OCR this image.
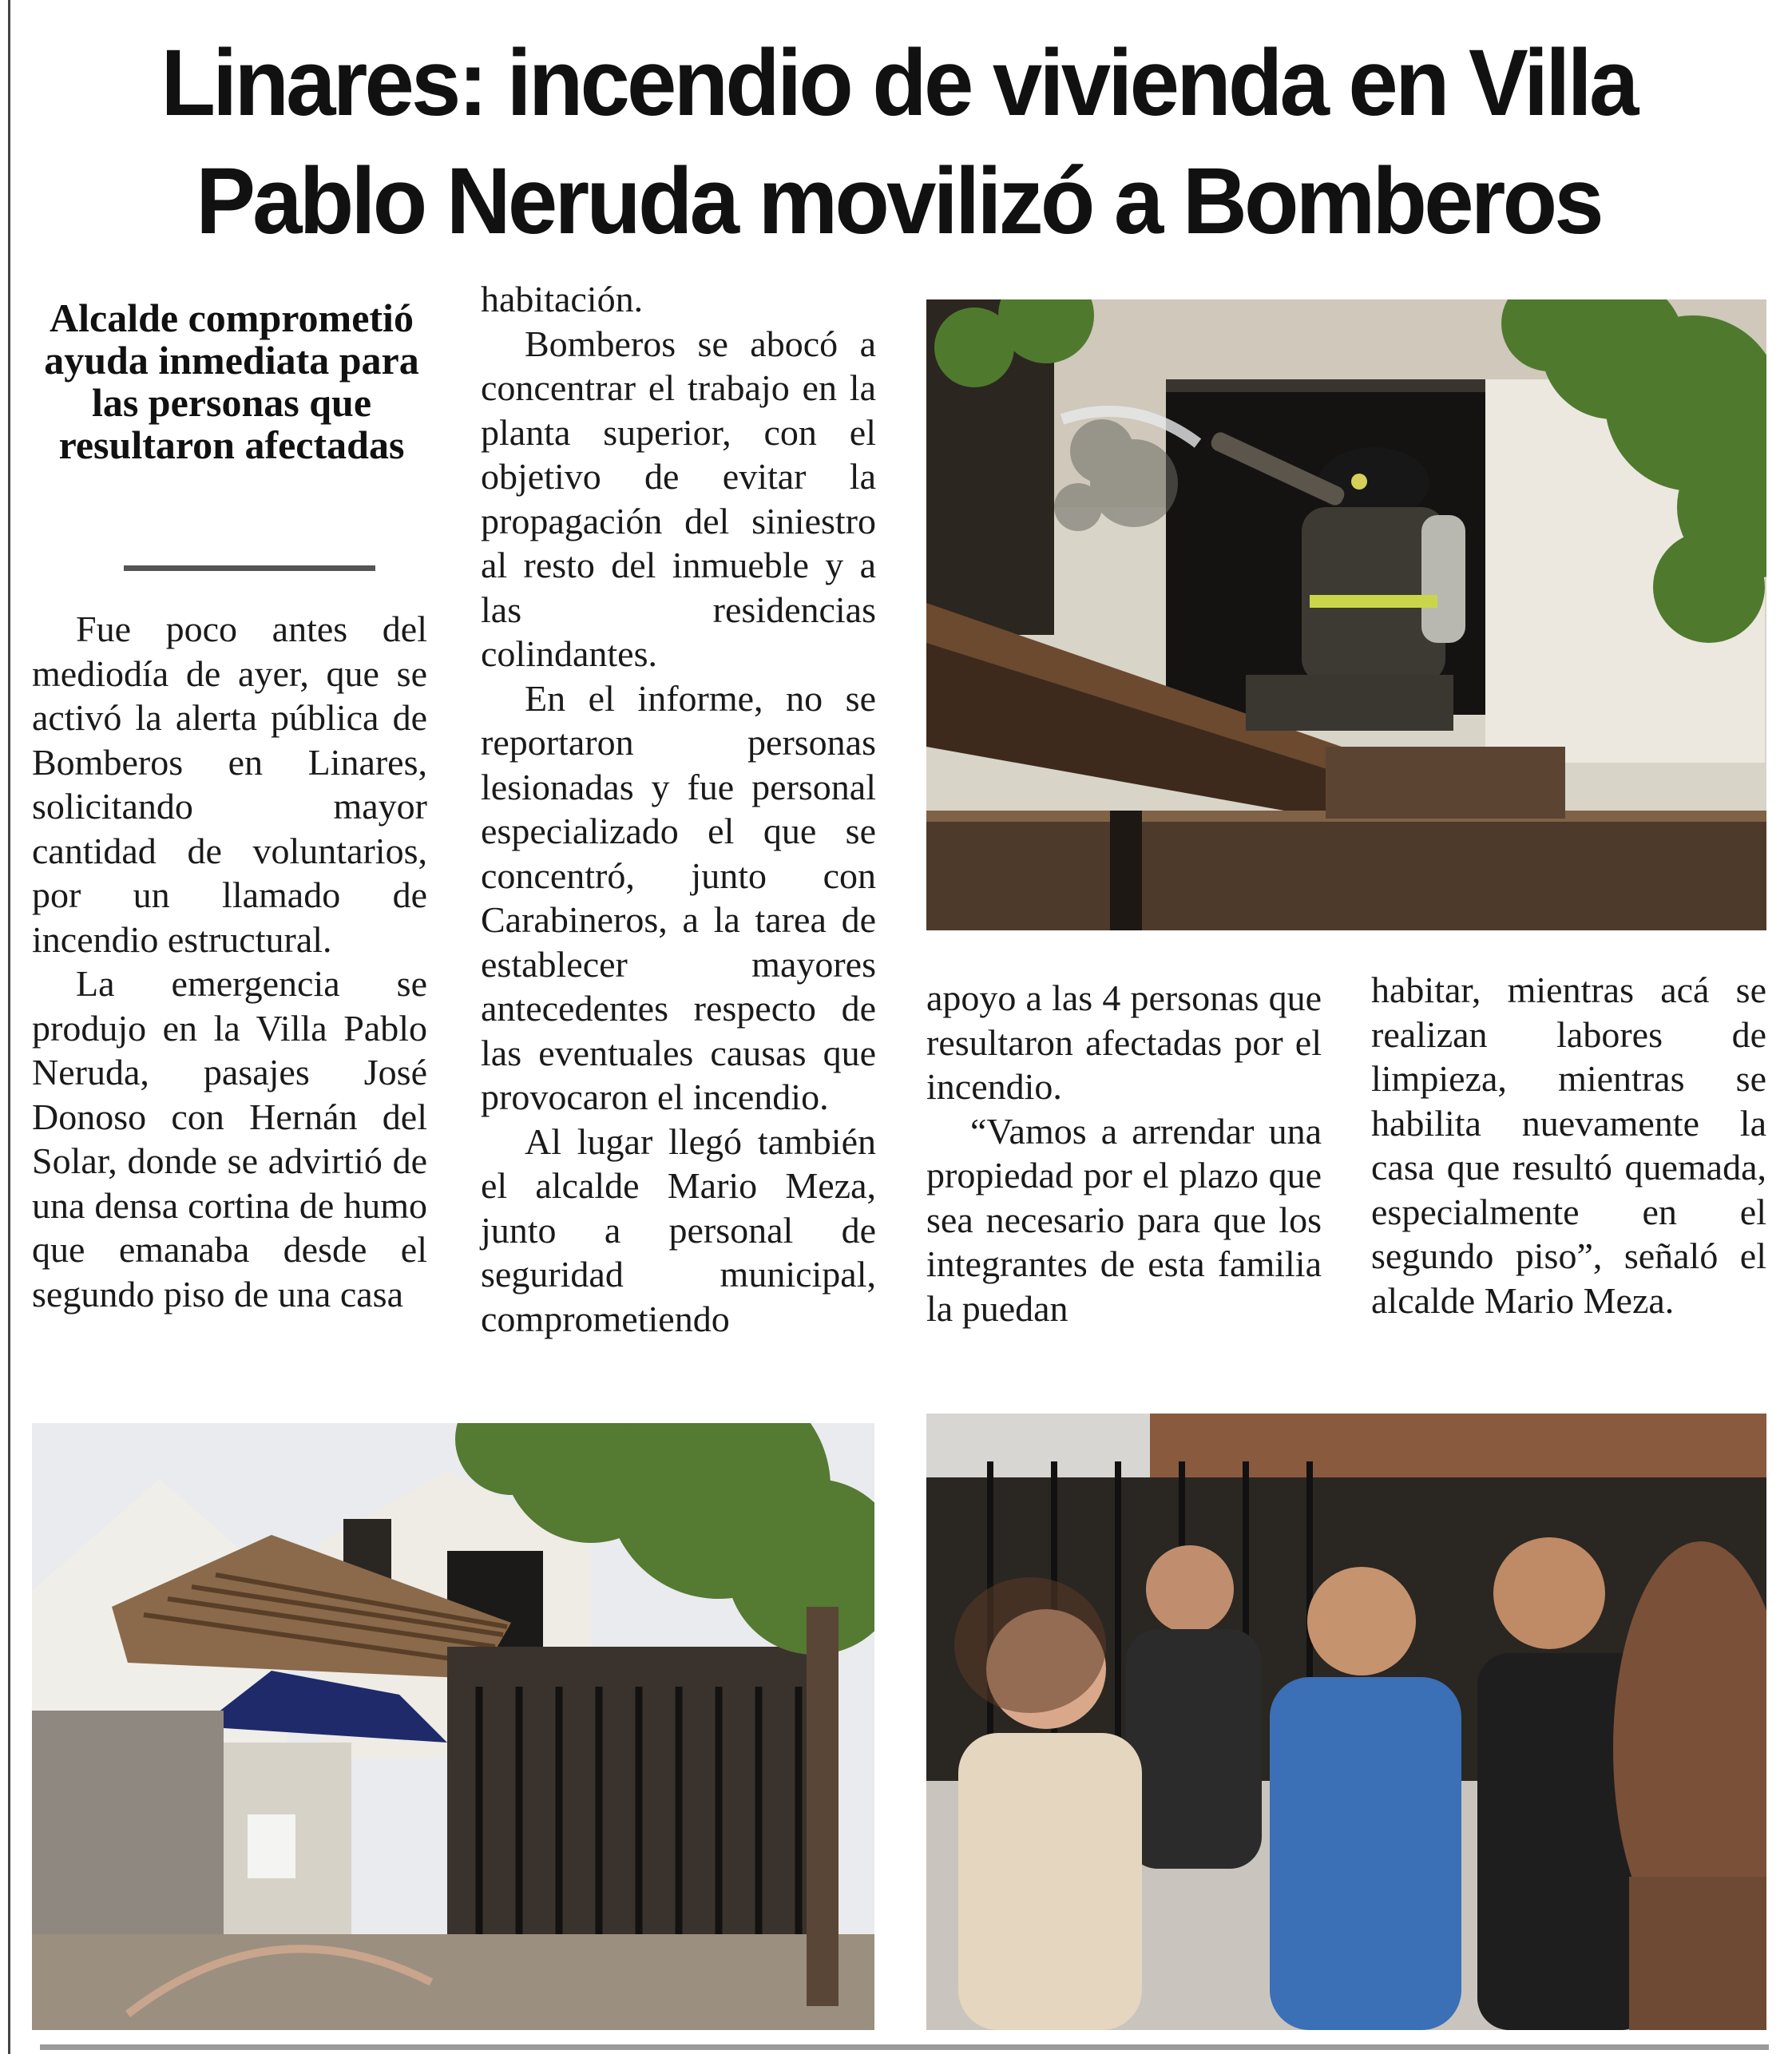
Linares: incendio de vivienda en Villa
Pablo Neruda movilizó a Bomberos
Alcalde comprometió ayuda inmediata para las personas que resultaron afectadas

Fue poco antes del mediodía de ayer, que se activó la alerta pública de Bomberos en Linares, solicitando mayor cantidad de voluntarios, por un llamado de incendio estructural.

La emergencia se produjo en la Villa Pablo Neruda, pasajes José Donoso con Hernán del Solar, donde se advirtió de una densa cortina de humo que emanaba desde el segundo piso de una casa

habitación.

Bomberos se abocó a concentrar el trabajo en la planta superior, con el objetivo de evitar la propagación del siniestro al resto del inmueble y a las residencias colindantes.

En el informe, no se reportaron personas lesionadas y fue personal especializado el que se concentró, junto con Carabineros, a la tarea de establecer mayores antecedentes respecto de las eventuales causas que provocaron el incendio.

Al lugar llegó también el alcalde Mario Meza, junto a personal de seguridad municipal, comprometiendo

apoyo a las 4 personas que resultaron afectadas por el incendio.

“Vamos a arrendar una propiedad por el plazo que sea necesario para que los integrantes de esta familia la puedan

habitar, mientras acá se realizan labores de limpieza, mientras se habilita nuevamente la casa que resultó quemada, especialmente en el segundo piso”, señaló el alcalde Mario Meza.
